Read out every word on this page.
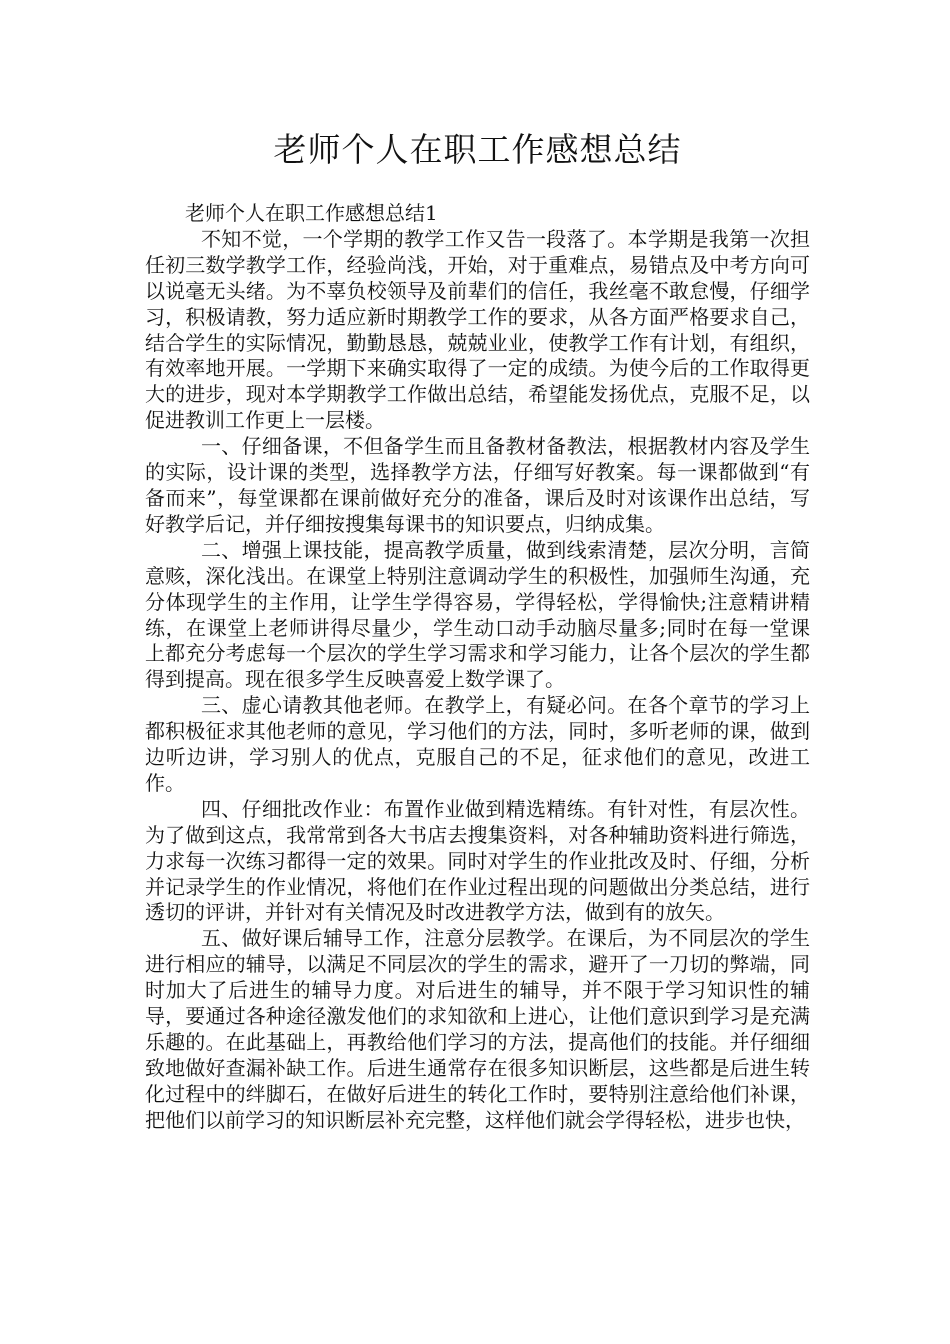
老师个人在职工作感想总结

老师个人在职工作感想总结1

不知不觉，一个学期的教学工作又告一段落了。本学期是我第一次担任初三数学教学工作，经验尚浅，开始，对于重难点，易错点及中考方向可以说毫无头绪。为不辜负校领导及前辈们的信任，我丝毫不敢怠慢，仔细学习，积极请教，努力适应新时期教学工作的要求，从各方面严格要求自己，结合学生的实际情况，勤勤恳恳，兢兢业业，使教学工作有计划，有组织，有效率地开展。一学期下来确实取得了一定的成绩。为使今后的工作取得更大的进步，现对本学期教学工作做出总结，希望能发扬优点，克服不足，以促进教训工作更上一层楼。

一、仔细备课，不但备学生而且备教材备教法，根据教材内容及学生的实际，设计课的类型，选择教学方法，仔细写好教案。每一课都做到“有备而来”，每堂课都在课前做好充分的准备，课后及时对该课作出总结，写好教学后记，并仔细按搜集每课书的知识要点，归纳成集。

二、增强上课技能，提高教学质量，做到线索清楚，层次分明，言简意赅，深化浅出。在课堂上特别注意调动学生的积极性，加强师生沟通，充分体现学生的主作用，让学生学得容易，学得轻松，学得愉快;注意精讲精练，在课堂上老师讲得尽量少，学生动口动手动脑尽量多;同时在每一堂课上都充分考虑每一个层次的学生学习需求和学习能力，让各个层次的学生都得到提高。现在很多学生反映喜爱上数学课了。

三、虚心请教其他老师。在教学上，有疑必问。在各个章节的学习上都积极征求其他老师的意见，学习他们的方法，同时，多听老师的课，做到边听边讲，学习别人的优点，克服自己的不足，征求他们的意见，改进工作。

四、仔细批改作业：布置作业做到精选精练。有针对性，有层次性。为了做到这点，我常常到各大书店去搜集资料，对各种辅助资料进行筛选，力求每一次练习都得一定的效果。同时对学生的作业批改及时、仔细，分析并记录学生的作业情况，将他们在作业过程出现的问题做出分类总结，进行透切的评讲，并针对有关情况及时改进教学方法，做到有的放矢。

五、做好课后辅导工作，注意分层教学。在课后，为不同层次的学生进行相应的辅导，以满足不同层次的学生的需求，避开了一刀切的弊端，同时加大了后进生的辅导力度。对后进生的辅导，并不限于学习知识性的辅导，要通过各种途径激发他们的求知欲和上进心，让他们意识到学习是充满乐趣的。在此基础上，再教给他们学习的方法，提高他们的技能。并仔细细致地做好查漏补缺工作。后进生通常存在很多知识断层，这些都是后进生转化过程中的绊脚石，在做好后进生的转化工作时，要特别注意给他们补课，把他们以前学习的知识断层补充完整，这样他们就会学得轻松，进步也快，
